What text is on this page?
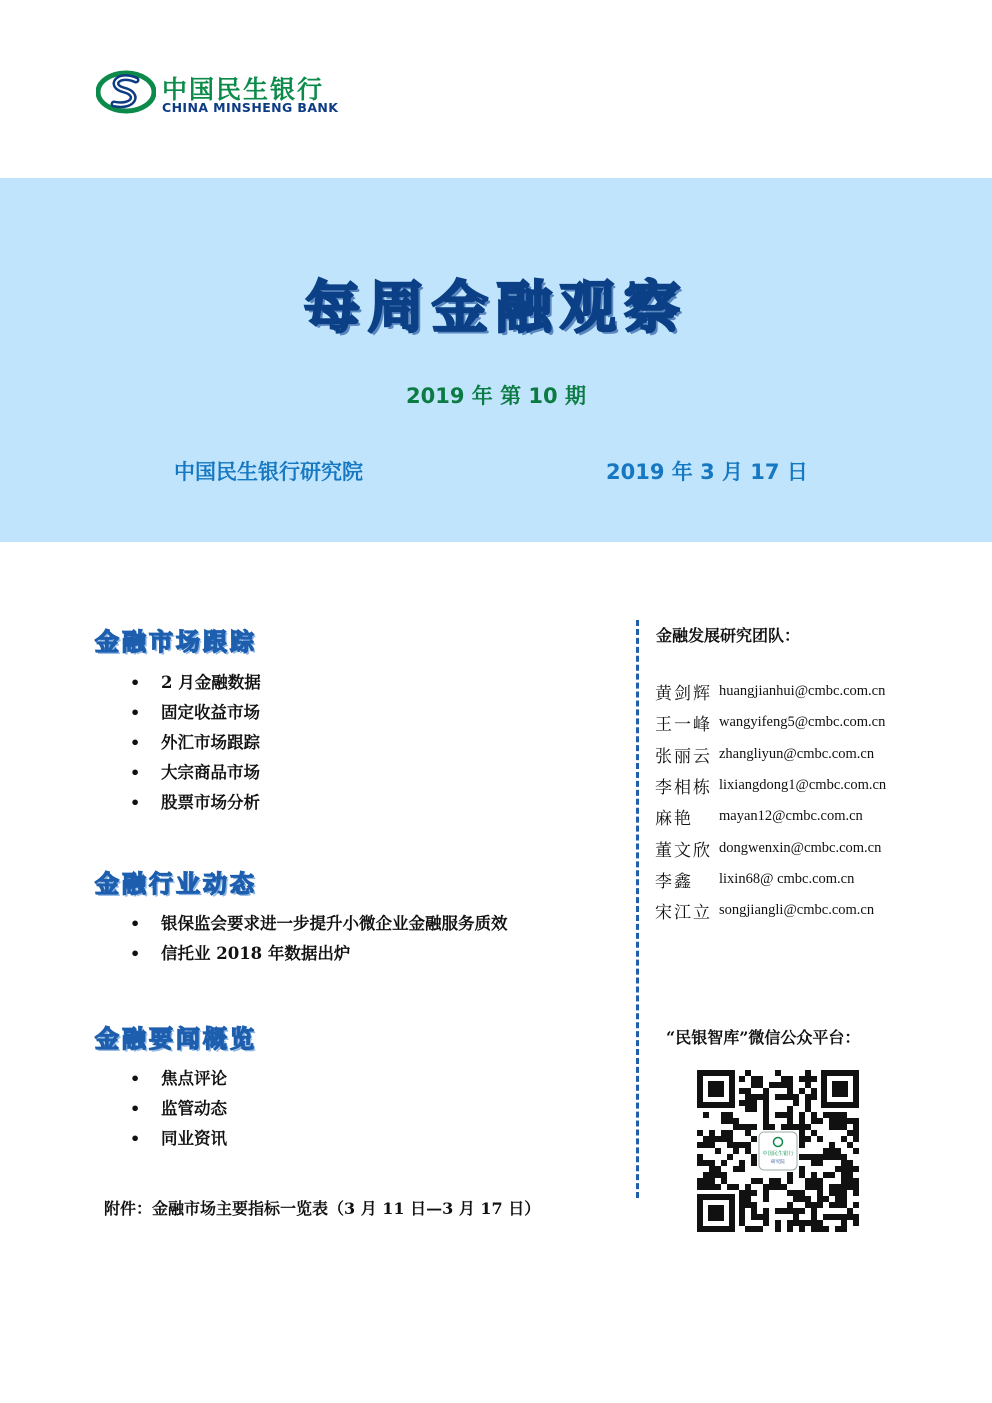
中国民生银行
CHINA MINSHENG BANK
每周金融观察
2019 年 第 10 期
中国民生银行研究院	2019 年 3 月 17 日
金融市场跟踪
• 2 月金融数据
• 固定收益市场
• 外汇市场跟踪
• 大宗商品市场
• 股票市场分析
金融行业动态
• 银保监会要求进一步提升小微企业金融服务质效
• 信托业 2018 年数据出炉
金融要闻概览
• 焦点评论
• 监管动态
• 同业资讯
附件：金融市场主要指标一览表（3 月 11 日—3 月 17 日）
金融发展研究团队：
黄剑辉 huangjianhui@cmbc.com.cn
王一峰 wangyifeng5@cmbc.com.cn
张丽云 zhangliyun@cmbc.com.cn
李相栋 lixiangdong1@cmbc.com.cn
麻艳	mayan12@cmbc.com.cn
董文欣 dongwenxin@cmbc.com.cn
李鑫	lixin68@ cmbc.com.cn
宋江立 songjiangli@cmbc.com.cn
“民银智库”微信公众平台：
中国民生银行
研究院
